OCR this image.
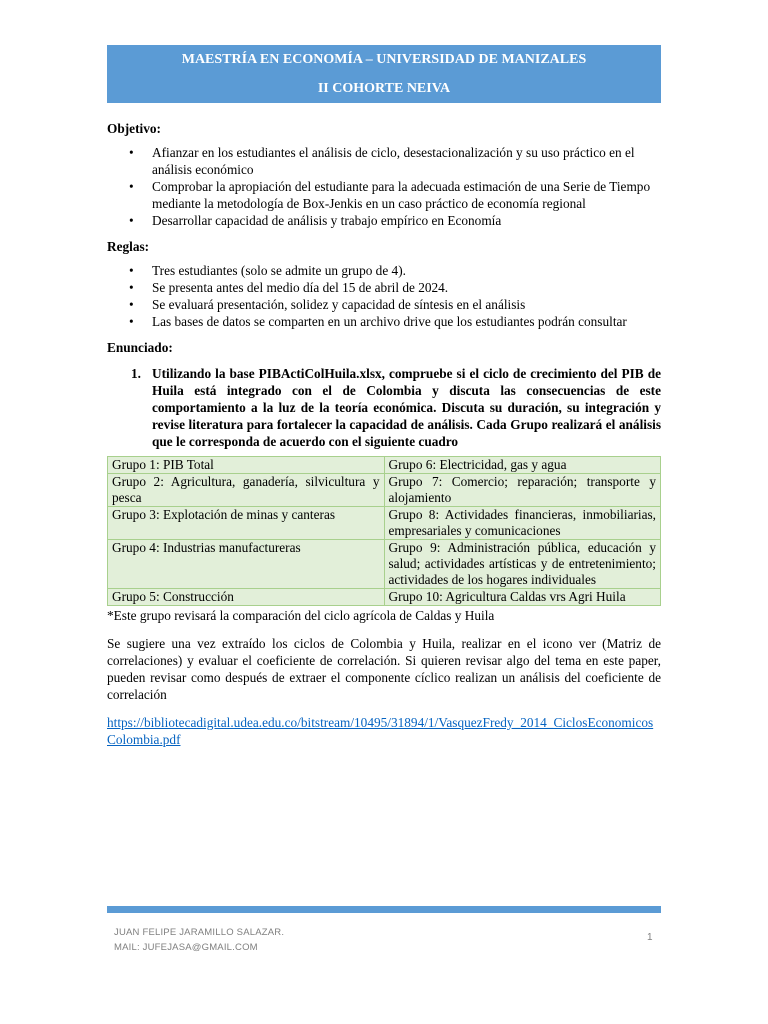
MAESTRÍA EN ECONOMÍA – UNIVERSIDAD DE MANIZALES
II COHORTE NEIVA

Objetivo:

• Afianzar en los estudiantes el análisis de ciclo, desestacionalización y su uso práctico en el análisis económico
• Comprobar la apropiación del estudiante para la adecuada estimación de una Serie de Tiempo mediante la metodología de Box-Jenkis en un caso práctico de economía regional
• Desarrollar capacidad de análisis y trabajo empírico en Economía

Reglas:

• Tres estudiantes (solo se admite un grupo de 4).
• Se presenta antes del medio día del 15 de abril de 2024.
• Se evaluará presentación, solidez y capacidad de síntesis en el análisis
• Las bases de datos se comparten en un archivo drive que los estudiantes podrán consultar

Enunciado:

1. Utilizando la base PIBActiColHuila.xlsx, compruebe si el ciclo de crecimiento del PIB de Huila está integrado con el de Colombia y discuta las consecuencias de este comportamiento a la luz de la teoría económica. Discuta su duración, su integración y revise literatura para fortalecer la capacidad de análisis. Cada Grupo realizará el análisis que le corresponda de acuerdo con el siguiente cuadro
Grupo 1: PIB Total	Grupo 6: Electricidad, gas y agua
Grupo 2: Agricultura, ganadería, silvicultura y pesca	Grupo 7: Comercio; reparación; transporte y alojamiento
Grupo 3: Explotación de minas y canteras	Grupo 8: Actividades financieras, inmobiliarias, empresariales y comunicaciones
Grupo 4: Industrias manufactureras	Grupo 9: Administración pública, educación y salud; actividades artísticas y de entretenimiento; actividades de los hogares individuales
Grupo 5: Construcción	Grupo 10: Agricultura Caldas vrs Agri Huila
*Este grupo revisará la comparación del ciclo agrícola de Caldas y Huila
Se sugiere una vez extraído los ciclos de Colombia y Huila, realizar en el icono ver (Matriz de correlaciones) y evaluar el coeficiente de correlación. Si quieren revisar algo del tema en este paper, pueden revisar como después de extraer el componente cíclico realizan un análisis del coeficiente de correlación
https://bibliotecadigital.udea.edu.co/bitstream/10495/31894/1/VasquezFredy_2014_CiclosEconomicosColombia.pdf
JUAN FELIPE JARAMILLO SALAZAR.
MAIL: JUFEJASA@GMAIL.COM
1
